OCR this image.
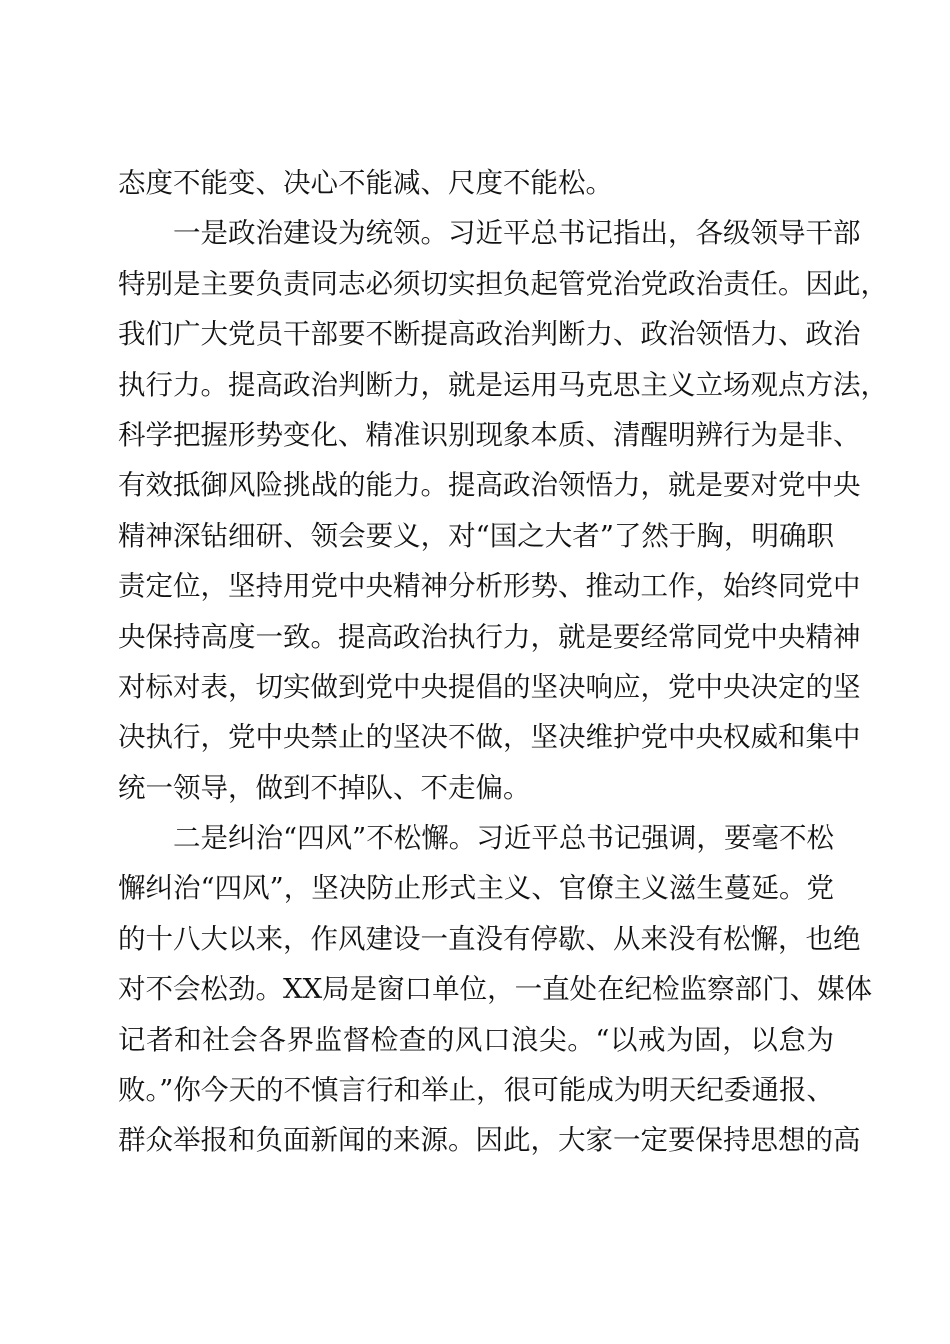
态度不能变、决心不能减、尺度不能松。
一是政治建设为统领。习近平总书记指出，各级领导干部
特别是主要负责同志必须切实担负起管党治党政治责任。因此，
我们广大党员干部要不断提高政治判断力、政治领悟力、政治
执行力。提高政治判断力，就是运用马克思主义立场观点方法，
科学把握形势变化、精准识别现象本质、清醒明辨行为是非、
有效抵御风险挑战的能力。提高政治领悟力，就是要对党中央
精神深钻细研、领会要义，对“国之大者”了然于胸，明确职
责定位，坚持用党中央精神分析形势、推动工作，始终同党中
央保持高度一致。提高政治执行力，就是要经常同党中央精神
对标对表，切实做到党中央提倡的坚决响应，党中央决定的坚
决执行，党中央禁止的坚决不做，坚决维护党中央权威和集中
统一领导，做到不掉队、不走偏。
二是纠治“四风”不松懈。习近平总书记强调，要毫不松
懈纠治“四风”，坚决防止形式主义、官僚主义滋生蔓延。党
的十八大以来，作风建设一直没有停歇、从来没有松懈，也绝
对不会松劲。XX局是窗口单位，一直处在纪检监察部门、媒体
记者和社会各界监督检查的风口浪尖。“以戒为固，以怠为
败。”你今天的不慎言行和举止，很可能成为明天纪委通报、
群众举报和负面新闻的来源。因此，大家一定要保持思想的高
